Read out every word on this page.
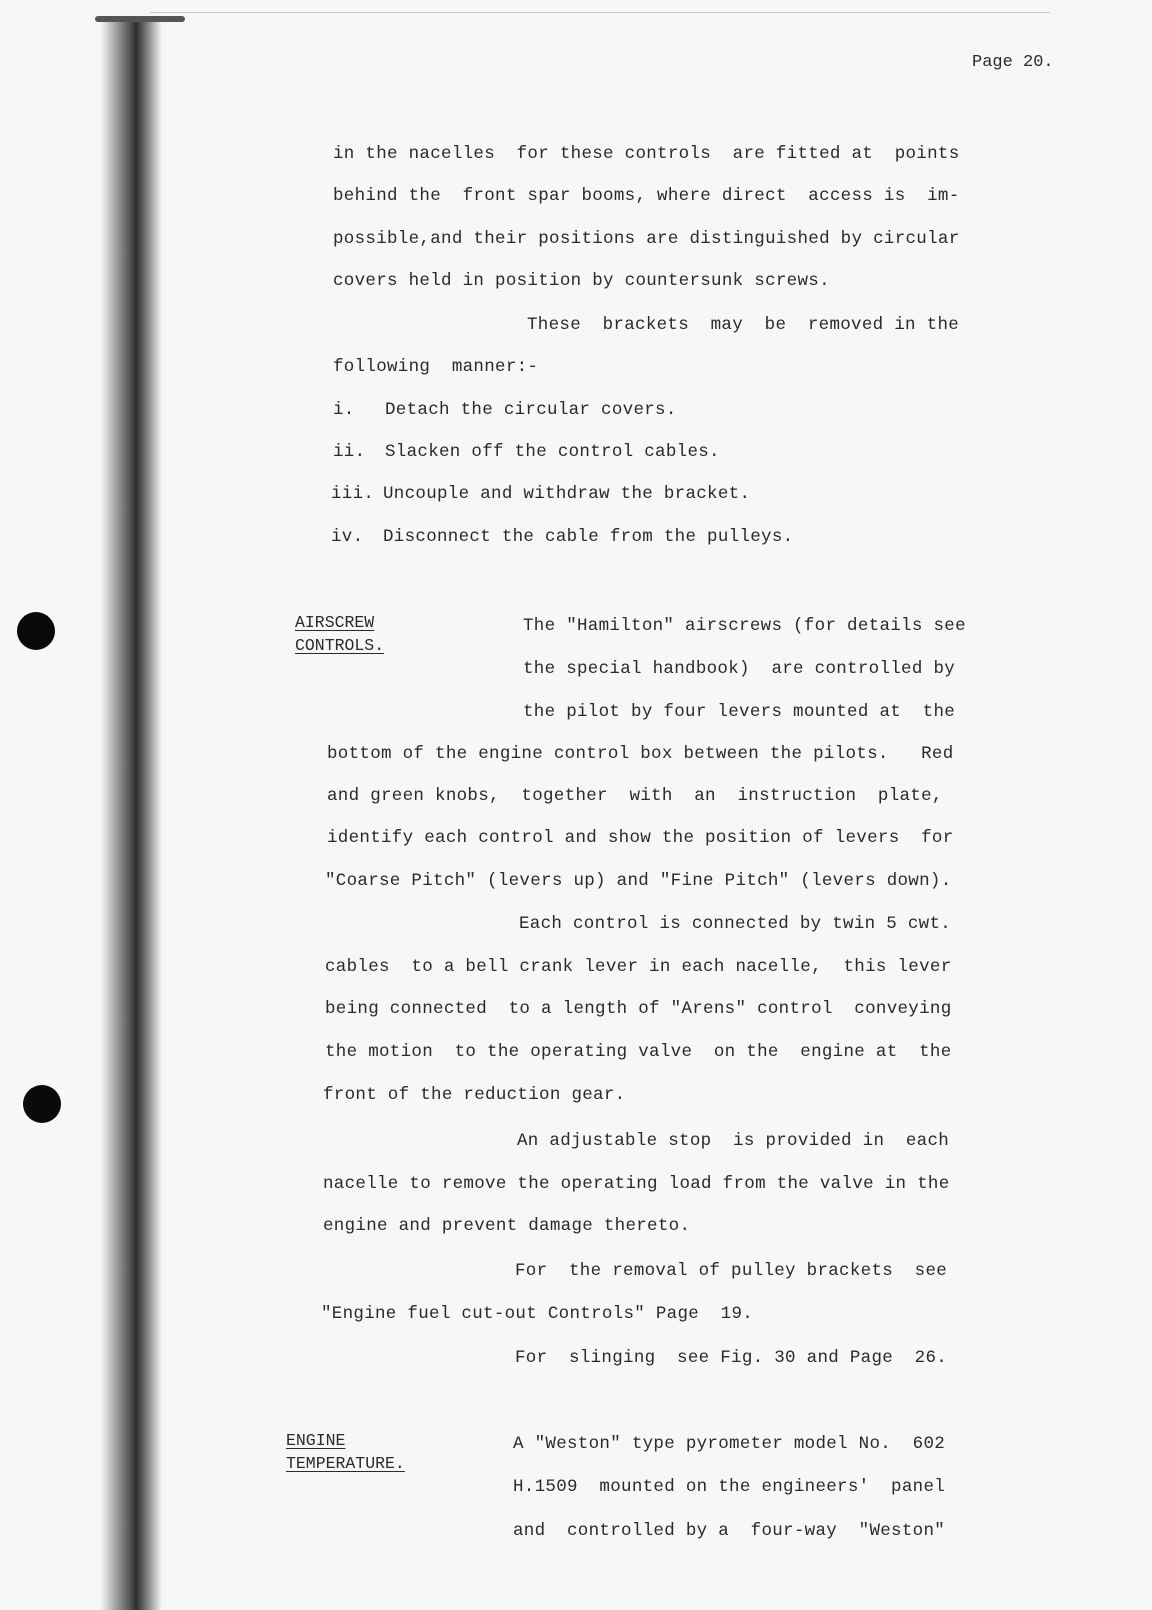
Page 20.
in the nacelles  for these controls  are fitted at  points
behind the  front spar booms, where direct  access is  im-
possible,and their positions are distinguished by circular
covers held in position by countersunk screws.
These  brackets  may  be  removed in the
following  manner:-
i. Detach the circular covers.
ii. Slacken off the control cables.
iii. Uncouple and withdraw the bracket.
iv. Disconnect the cable from the pulleys.
AIRSCREW
CONTROLS.
The "Hamilton" airscrews (for details see
the special handbook)  are controlled by
the pilot by four levers mounted at  the
bottom of the engine control box between the pilots.   Red
and green knobs,  together  with  an  instruction  plate,
identify each control and show the position of levers  for
"Coarse Pitch" (levers up) and "Fine Pitch" (levers down).
Each control is connected by twin 5 cwt.
cables  to a bell crank lever in each nacelle,  this lever
being connected  to a length of "Arens" control  conveying
the motion  to the operating valve  on the  engine at  the
front of the reduction gear.
An adjustable stop  is provided in  each
nacelle to remove the operating load from the valve in the
engine and prevent damage thereto.
For  the removal of pulley brackets  see
"Engine fuel cut-out Controls" Page  19.
For  slinging  see Fig. 30 and Page  26.
ENGINE
TEMPERATURE.
A "Weston" type pyrometer model No.  602
H.1509  mounted on the engineers'  panel
and  controlled by a  four-way  "Weston"
